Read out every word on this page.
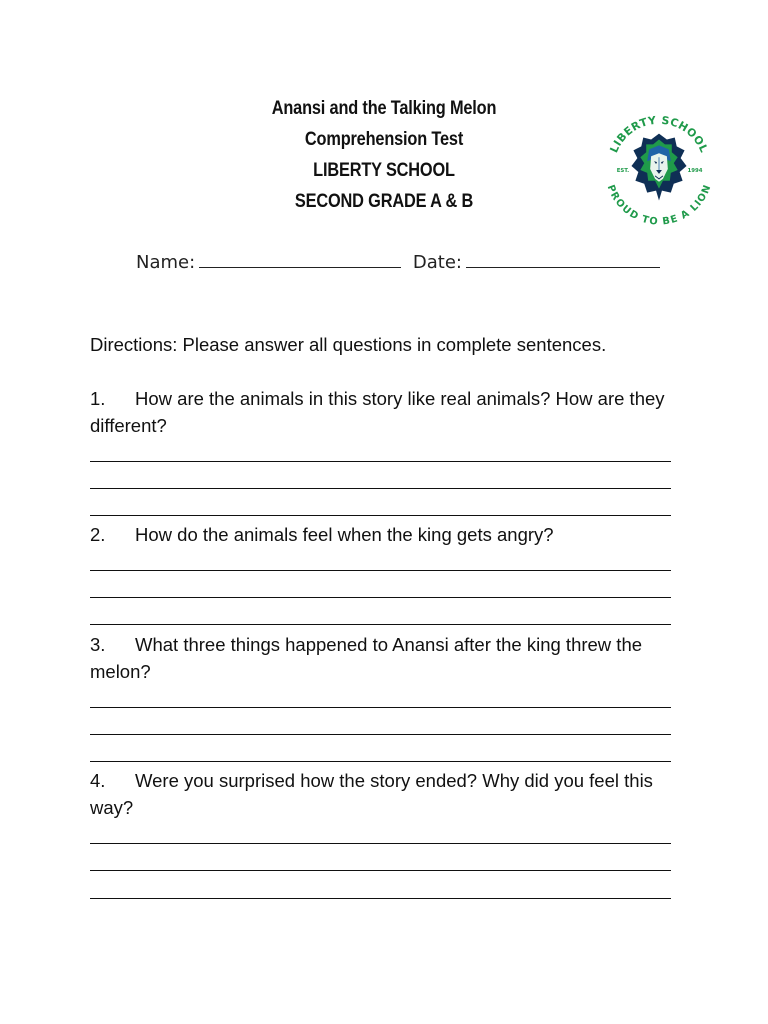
Anansi and the Talking Melon
Comprehension Test
LIBERTY SCHOOL
SECOND GRADE A & B
LIBERTY SCHOOL
PROUD TO BE A LION
EST.	1994
Name:	Date:
Directions: Please answer all questions in complete sentences.
1. How are the animals in this story like real animals? How are they different?
2. How do the animals feel when the king gets angry?
3. What three things happened to Anansi after the king threw the melon?
4. Were you surprised how the story ended? Why did you feel this way?
